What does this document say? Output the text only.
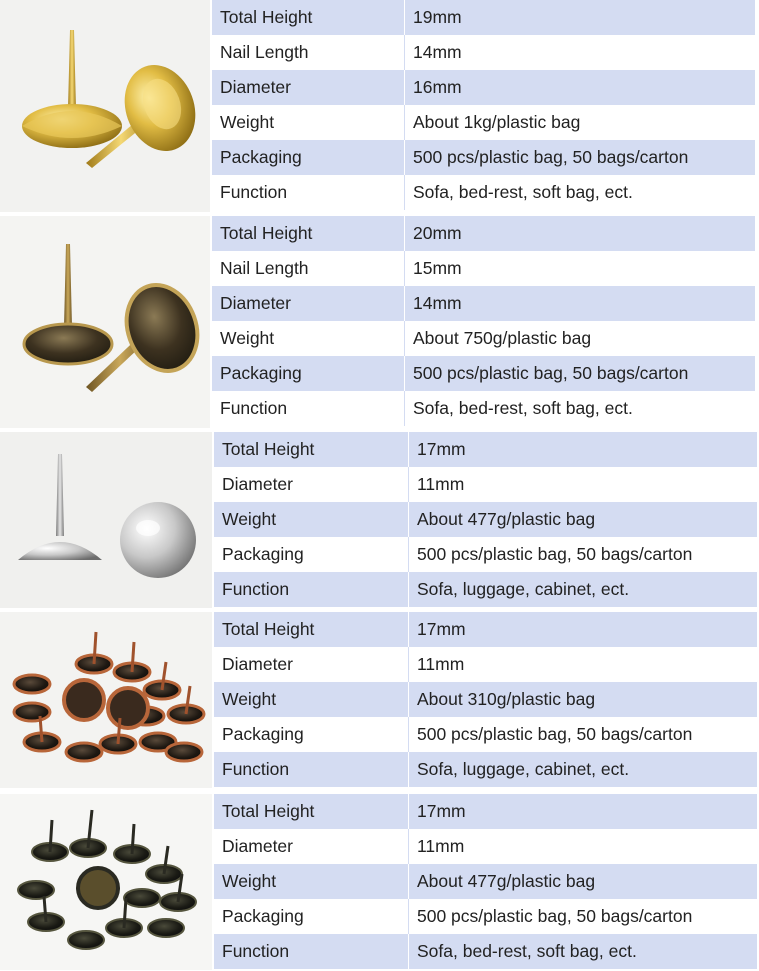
Total Height	19mm
Nail Length	14mm
Diameter	16mm
Weight	About 1kg/plastic bag
Packaging	500 pcs/plastic bag, 50 bags/carton
Function	Sofa, bed-rest, soft bag, ect.
Total Height	20mm
Nail Length	15mm
Diameter	14mm
Weight	About 750g/plastic bag
Packaging	500 pcs/plastic bag, 50 bags/carton
Function	Sofa, bed-rest, soft bag, ect.
Total Height	17mm
Diameter	11mm
Weight	About 477g/plastic bag
Packaging	500 pcs/plastic bag, 50 bags/carton
Function	Sofa, luggage, cabinet, ect.
Total Height	17mm
Diameter	11mm
Weight	About 310g/plastic bag
Packaging	500 pcs/plastic bag, 50 bags/carton
Function	Sofa, luggage, cabinet, ect.
Total Height	17mm
Diameter	11mm
Weight	About 477g/plastic bag
Packaging	500 pcs/plastic bag, 50 bags/carton
Function	Sofa, bed-rest, soft bag, ect.
